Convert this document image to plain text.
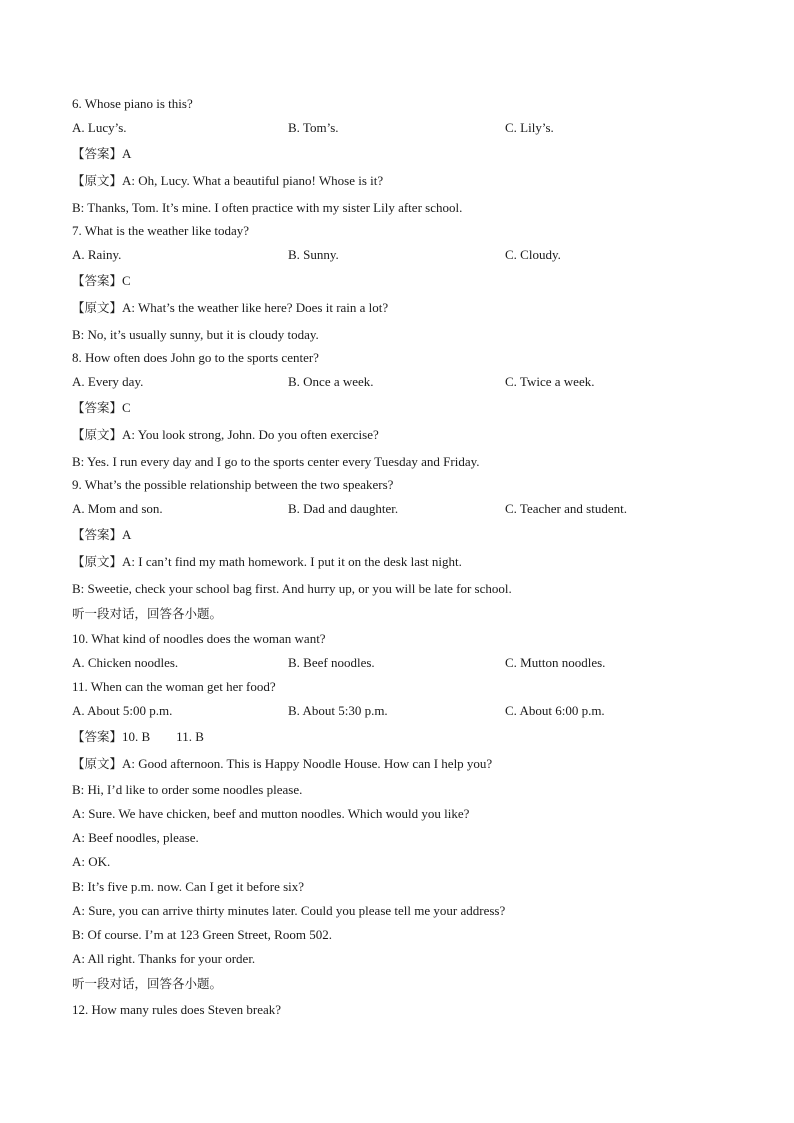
6. Whose piano is this?
A. Lucy’s.	B. Tom’s.	C. Lily’s.
【答案】A
【原文】A: Oh, Lucy. What a beautiful piano! Whose is it?
B: Thanks, Tom. It’s mine. I often practice with my sister Lily after school.
7. What is the weather like today?
A. Rainy.	B. Sunny.	C. Cloudy.
【答案】C
【原文】A: What’s the weather like here? Does it rain a lot?
B: No, it’s usually sunny, but it is cloudy today.
8. How often does John go to the sports center?
A. Every day.	B. Once a week.	C. Twice a week.
【答案】C
【原文】A: You look strong, John. Do you often exercise?
B: Yes. I run every day and I go to the sports center every Tuesday and Friday.
9. What’s the possible relationship between the two speakers?
A. Mom and son.	B. Dad and daughter.	C. Teacher and student.
【答案】A
【原文】A: I can’t find my math homework. I put it on the desk last night.
B: Sweetie, check your school bag first. And hurry up, or you will be late for school.
听一段对话，回答各小题。
10. What kind of noodles does the woman want?
A. Chicken noodles.	B. Beef noodles.	C. Mutton noodles.
11. When can the woman get her food?
A. About 5:00 p.m.	B. About 5:30 p.m.	C. About 6:00 p.m.
【答案】10. B        11. B
【原文】A: Good afternoon. This is Happy Noodle House. How can I help you?
B: Hi, I’d like to order some noodles please.
A: Sure. We have chicken, beef and mutton noodles. Which would you like?
A: Beef noodles, please.
A: OK.
B: It’s five p.m. now. Can I get it before six?
A: Sure, you can arrive thirty minutes later. Could you please tell me your address?
B: Of course. I’m at 123 Green Street, Room 502.
A: All right. Thanks for your order.
听一段对话，回答各小题。
12. How many rules does Steven break?
